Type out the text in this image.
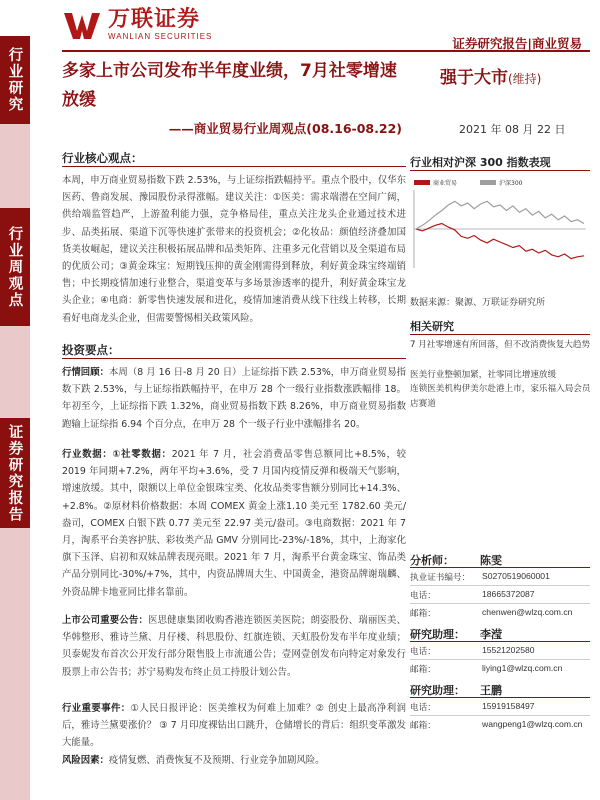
万联证券
WANLIAN SECURITIES	证券研究报告|商业贸易
行业研究
行业周观点
证券研究报告
多家上市公司发布半年度业绩，7月社零增速放缓
——商业贸易行业周观点(08.16-08.22)
强于大市(维持)
2021 年 08 月 22 日
行业核心观点：
本周，申万商业贸易指数下跌 2.53%，与上证综指跌幅持平。重点个股中，仅华东医药、鲁商发展、豫园股份录得涨幅。建议关注：①医美：需求端潜在空间广阔，供给端监管趋严，上游盈利能力强，竞争格局佳，重点关注龙头企业通过技术进步、品类拓展、渠道下沉等快速扩张带来的投资机会；②化妆品：颜值经济叠加国货美妆崛起，建议关注积极拓展品牌和品类矩阵、注重多元化营销以及全渠道布局的优质公司；③黄金珠宝：短期钱压抑的黄金刚需得到释放，利好黄金珠宝终端销售；中长期疫情加速行业整合，渠道变革与多场景渗透率的提升，利好黄金珠宝龙头企业；④电商：新零售快速发展和进化，疫情加速消费从线下往线上转移，长期看好电商龙头企业，但需要警惕相关政策风险。
投资要点：
行情回顾：本周（8 月 16 日-8 月 20 日）上证综指下跌 2.53%，申万商业贸易指数下跌 2.53%，与上证综指跌幅持平，在申万 28 个一级行业指数涨跌幅排 18。年初至今，上证综指下跌 1.32%，商业贸易指数下跌 8.26%，申万商业贸易指数跑输上证综指 6.94 个百分点，在申万 28 个一级子行业中涨幅排名 20。
行业数据：①社零数据：2021 年 7 月，社会消费品零售总额同比+8.5%，较 2019 年同期+7.2%，两年平均+3.6%，受 7 月国内疫情反弹和极端天气影响，增速放缓。其中，限额以上单位金银珠宝类、化妆品类零售额分别同比+14.3%、+2.8%。②原材料价格数据：本周 COMEX 黄金上涨1.10 美元至 1782.60 美元/盎司，COMEX 白银下跌 0.77 美元至 22.97 美元/盎司。③电商数据：2021 年 7 月，淘系平台美容护肤、彩妆类产品 GMV 分别同比-23%/-18%，其中，上海家化旗下玉泽、启初和双妹品牌表现亮眼。2021 年 7 月，淘系平台黄金珠宝、饰品类产品分别同比-30%/+7%，其中，内资品牌周大生、中国黄金，港资品牌谢瑞麟、外资品牌卡地亚同比排名靠前。
上市公司重要公告：医思健康集团收购香港连锁医美医院；朗姿股份、瑞丽医美、华韩整形、雅诗兰黛、月仔楼、科思股份、红旗连锁、天虹股份发布半年度业绩；贝泰妮发布首次公开发行部分限售股上市流通公告；壹网壹创发布向特定对象发行股票上市公告书；苏宁易购发布终止员工持股计划公告。
行业重要事件：①人民日报评论：医美维权为何难上加难？② 创史上最高净利润后，雅诗兰黛要涨价？ ③ 7 月印度裸钻出口跳升，仓储增长的背后：组织变革激发大能量。
风险因素：疫情复燃、消费恢复不及预期、行业竞争加剧风险。
行业相对沪深 300 指数表现
商业贸易	沪深300
数据来源：聚源、万联证券研究所
相关研究
7 月社零增速有所回落，但不改消费恢复大趋势
医美行业整顿加紧，社零同比增速放缓
连锁医美机构伊美尔赴港上市，家乐福入局会员店赛道
分析师： 陈雯
执业证书编号： S0270519060001
电话：	18665372087
邮箱：	chenwen@wlzq.com.cn
研究助理： 李滢
电话：	15521202580
邮箱：	liying1@wlzq.com.cn
研究助理： 王鹏
电话：	15919158497
邮箱：	wangpeng1@wlzq.com.cn
